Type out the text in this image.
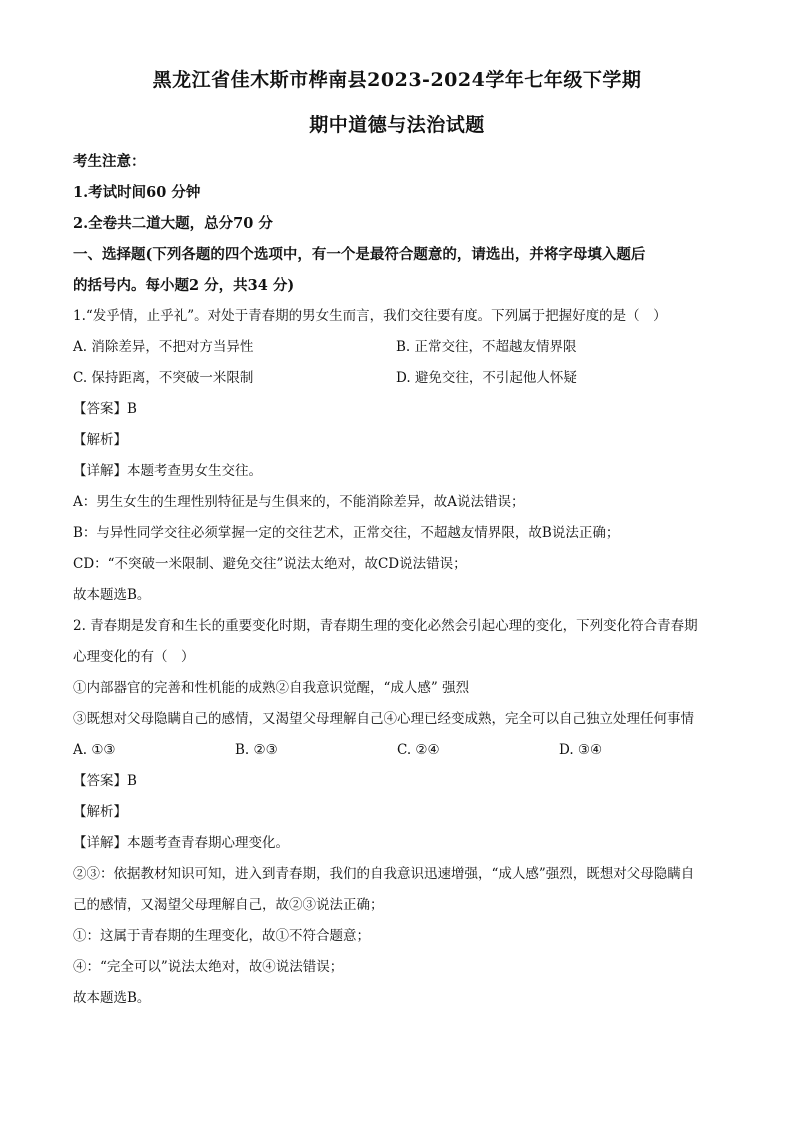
黑龙江省佳木斯市桦南县2023-2024学年七年级下学期
期中道德与法治试题
考生注意：
1.考试时间60 分钟
2.全卷共二道大题，总分70 分
一、选择题(下列各题的四个选项中，有一个是最符合题意的，请选出，并将字母填入题后
的括号内。每小题2 分，共34 分)
1.“发乎情，止乎礼”。对处于青春期的男女生而言，我们交往要有度。下列属于把握好度的是（　）
A. 消除差异，不把对方当异性	B. 正常交往，不超越友情界限
C. 保持距离，不突破一米限制	D. 避免交往，不引起他人怀疑
【答案】B
【解析】
【详解】本题考查男女生交往。
A：男生女生的生理性别特征是与生俱来的，不能消除差异，故A说法错误；
B：与异性同学交往必须掌握一定的交往艺术，正常交往，不超越友情界限，故B说法正确；
CD：“不突破一米限制、避免交往”说法太绝对，故CD说法错误；
故本题选B。
2. 青春期是发育和生长的重要变化时期，青春期生理的变化必然会引起心理的变化，下列变化符合青春期
心理变化的有（　）
①内部器官的完善和性机能的成熟②自我意识觉醒，“成人感” 强烈
③既想对父母隐瞒自己的感情，又渴望父母理解自己④心理已经变成熟，完全可以自己独立处理任何事情
A. ①③	B. ②③	C. ②④	D. ③④
【答案】B
【解析】
【详解】本题考查青春期心理变化。
②③：依据教材知识可知，进入到青春期，我们的自我意识迅速增强，“成人感”强烈，既想对父母隐瞒自
己的感情，又渴望父母理解自己，故②③说法正确；
①：这属于青春期的生理变化，故①不符合题意；
④：“完全可以”说法太绝对，故④说法错误；
故本题选B。
